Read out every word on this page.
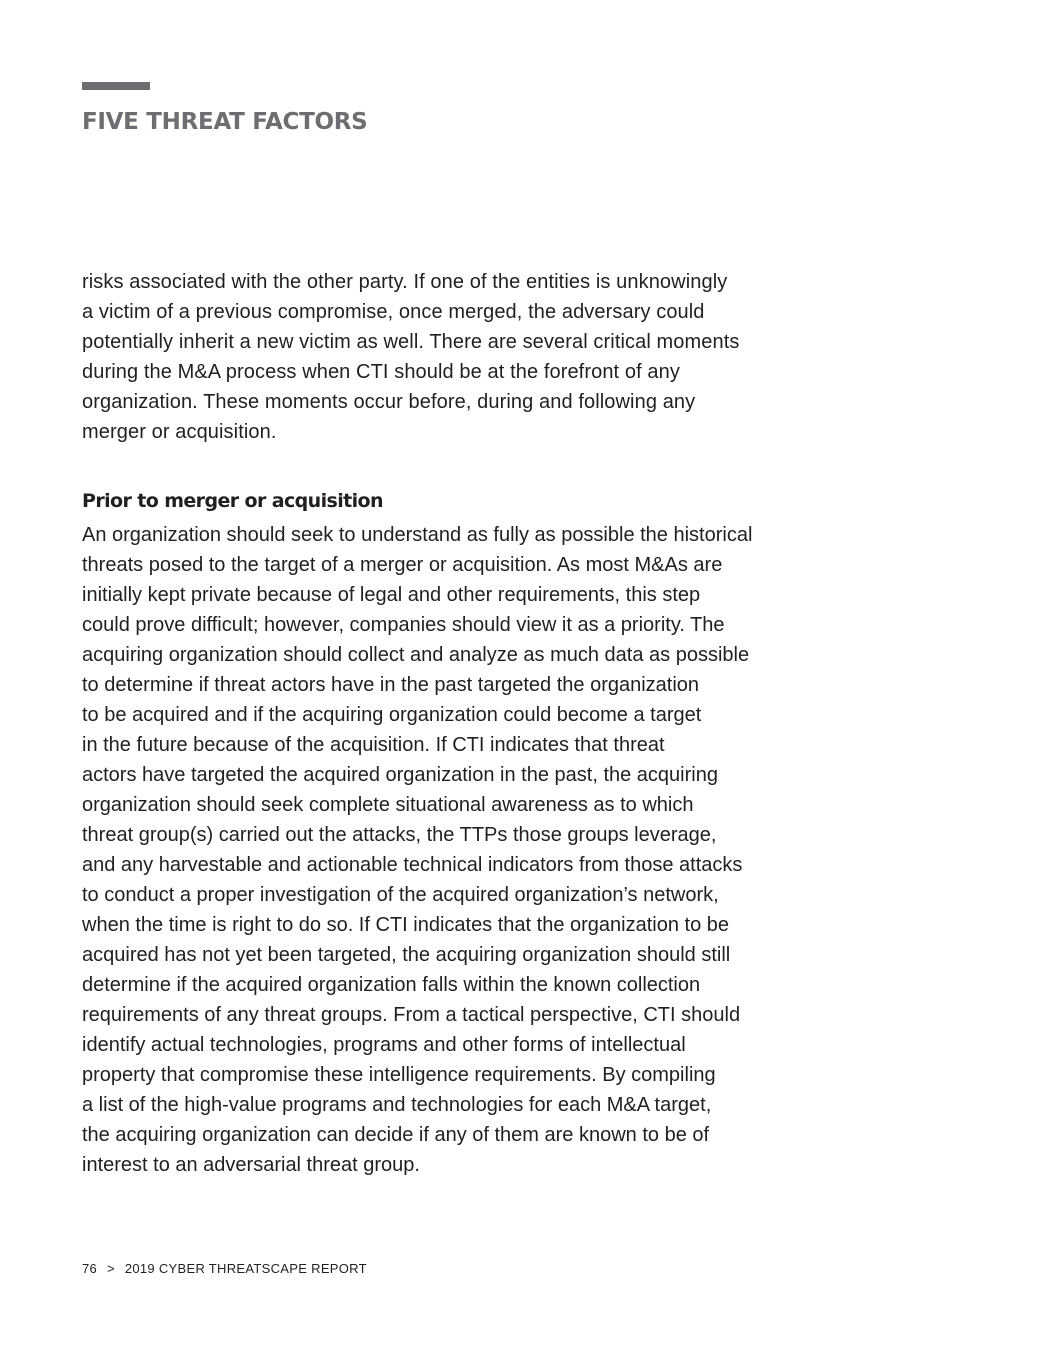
FIVE THREAT FACTORS

risks associated with the other party. If one of the entities is unknowingly
a victim of a previous compromise, once merged, the adversary could
potentially inherit a new victim as well. There are several critical moments
during the M&A process when CTI should be at the forefront of any
organization. These moments occur before, during and following any
merger or acquisition.

Prior to merger or acquisition

An organization should seek to understand as fully as possible the historical
threats posed to the target of a merger or acquisition. As most M&As are
initially kept private because of legal and other requirements, this step
could prove difficult; however, companies should view it as a priority. The
acquiring organization should collect and analyze as much data as possible
to determine if threat actors have in the past targeted the organization
to be acquired and if the acquiring organization could become a target
in the future because of the acquisition. If CTI indicates that threat
actors have targeted the acquired organization in the past, the acquiring
organization should seek complete situational awareness as to which
threat group(s) carried out the attacks, the TTPs those groups leverage,
and any harvestable and actionable technical indicators from those attacks
to conduct a proper investigation of the acquired organization’s network,
when the time is right to do so. If CTI indicates that the organization to be
acquired has not yet been targeted, the acquiring organization should still
determine if the acquired organization falls within the known collection
requirements of any threat groups. From a tactical perspective, CTI should
identify actual technologies, programs and other forms of intellectual
property that compromise these intelligence requirements. By compiling
a list of the high-value programs and technologies for each M&A target,
the acquiring organization can decide if any of them are known to be of
interest to an adversarial threat group.

76 > 2019 CYBER THREATSCAPE REPORT
